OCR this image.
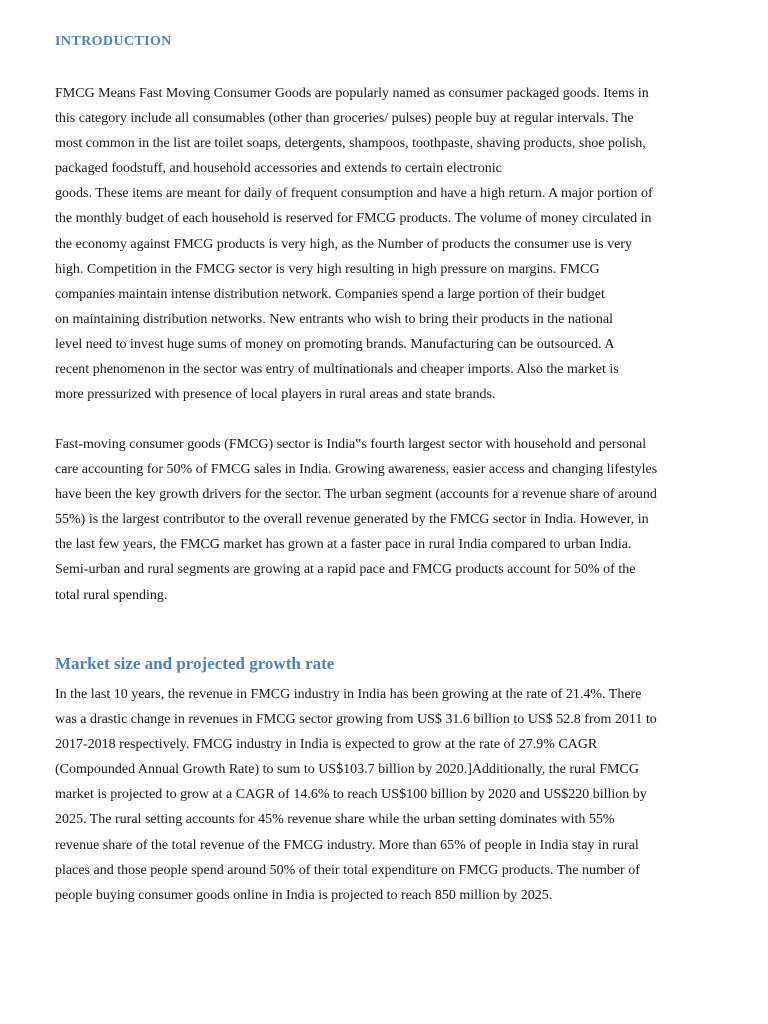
INTRODUCTION
FMCG Means Fast Moving Consumer Goods are popularly named as consumer packaged goods. Items in
this category include all consumables (other than groceries/ pulses) people buy at regular intervals. The
most common in the list are toilet soaps, detergents, shampoos, toothpaste, shaving products, shoe polish,
packaged foodstuff, and household accessories and extends to certain electronic
goods. These items are meant for daily of frequent consumption and have a high return. A major portion of
the monthly budget of each household is reserved for FMCG products. The volume of money circulated in
the economy against FMCG products is very high, as the Number of products the consumer use is very
high. Competition in the FMCG sector is very high resulting in high pressure on margins. FMCG
companies maintain intense distribution network. Companies spend a large portion of their budget
on maintaining distribution networks. New entrants who wish to bring their products in the national
level need to invest huge sums of money on promoting brands. Manufacturing can be outsourced. A
recent phenomenon in the sector was entry of multinationals and cheaper imports. Also the market is
more pressurized with presence of local players in rural areas and state brands.
Fast-moving consumer goods (FMCG) sector is India‟s fourth largest sector with household and personal
care accounting for 50% of FMCG sales in India. Growing awareness, easier access and changing lifestyles
have been the key growth drivers for the sector. The urban segment (accounts for a revenue share of around
55%) is the largest contributor to the overall revenue generated by the FMCG sector in India. However, in
the last few years, the FMCG market has grown at a faster pace in rural India compared to urban India.
Semi-urban and rural segments are growing at a rapid pace and FMCG products account for 50% of the
total rural spending.
Market size and projected growth rate
In the last 10 years, the revenue in FMCG industry in India has been growing at the rate of 21.4%. There
was a drastic change in revenues in FMCG sector growing from US$ 31.6 billion to US$ 52.8 from 2011 to
2017-2018 respectively. FMCG industry in India is expected to grow at the rate of 27.9% CAGR
(Compounded Annual Growth Rate) to sum to US$103.7 billion by 2020.]Additionally, the rural FMCG
market is projected to grow at a CAGR of 14.6% to reach US$100 billion by 2020 and US$220 billion by
2025. The rural setting accounts for 45% revenue share while the urban setting dominates with 55%
revenue share of the total revenue of the FMCG industry. More than 65% of people in India stay in rural
places and those people spend around 50% of their total expenditure on FMCG products. The number of
people buying consumer goods online in India is projected to reach 850 million by 2025.
